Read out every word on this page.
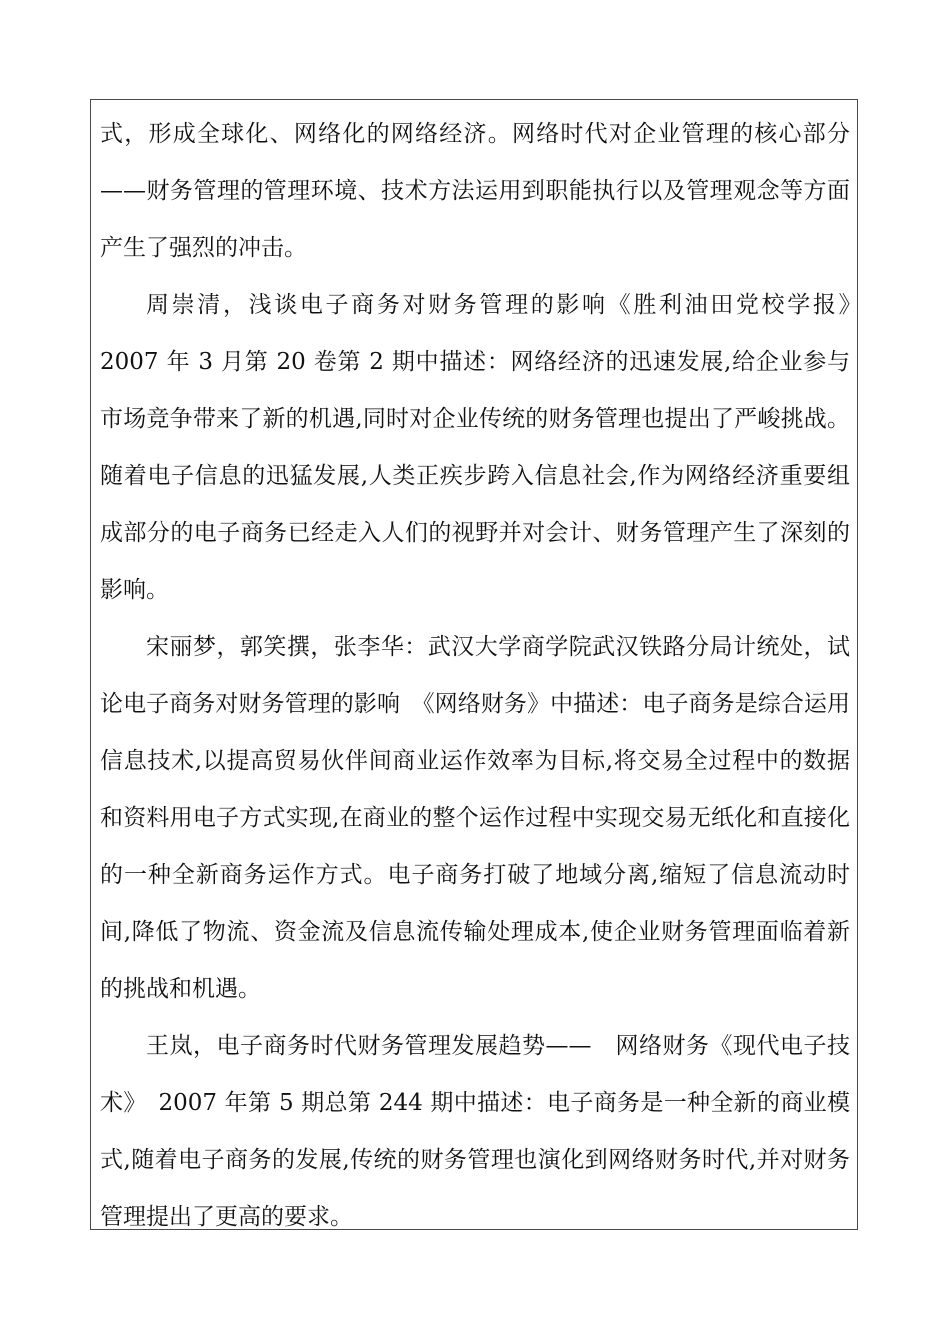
式，形成全球化、网络化的网络经济。网络时代对企业管理的核心部分——财务管理的管理环境、技术方法运用到职能执行以及管理观念等方面产生了强烈的冲击。

周崇清，浅谈电子商务对财务管理的影响《胜利油田党校学报》　2007 年 3 月第 20 卷第 2 期中描述：网络经济的迅速发展,给企业参与市场竞争带来了新的机遇,同时对企业传统的财务管理也提出了严峻挑战。随着电子信息的迅猛发展,人类正疾步跨入信息社会,作为网络经济重要组成部分的电子商务已经走入人们的视野并对会计、财务管理产生了深刻的影响。

宋丽梦，郭笑撰，张李华：武汉大学商学院武汉铁路分局计统处，试论电子商务对财务管理的影响　《网络财务》中描述：电子商务是综合运用信息技术,以提高贸易伙伴间商业运作效率为目标,将交易全过程中的数据和资料用电子方式实现,在商业的整个运作过程中实现交易无纸化和直接化的一种全新商务运作方式。电子商务打破了地域分离,缩短了信息流动时间,降低了物流、资金流及信息流传输处理成本,使企业财务管理面临着新的挑战和机遇。

王岚，电子商务时代财务管理发展趋势——　网络财务《现代电子技术》　2007 年第 5 期总第 244 期中描述：电子商务是一种全新的商业模式,随着电子商务的发展,传统的财务管理也演化到网络财务时代,并对财务管理提出了更高的要求。
